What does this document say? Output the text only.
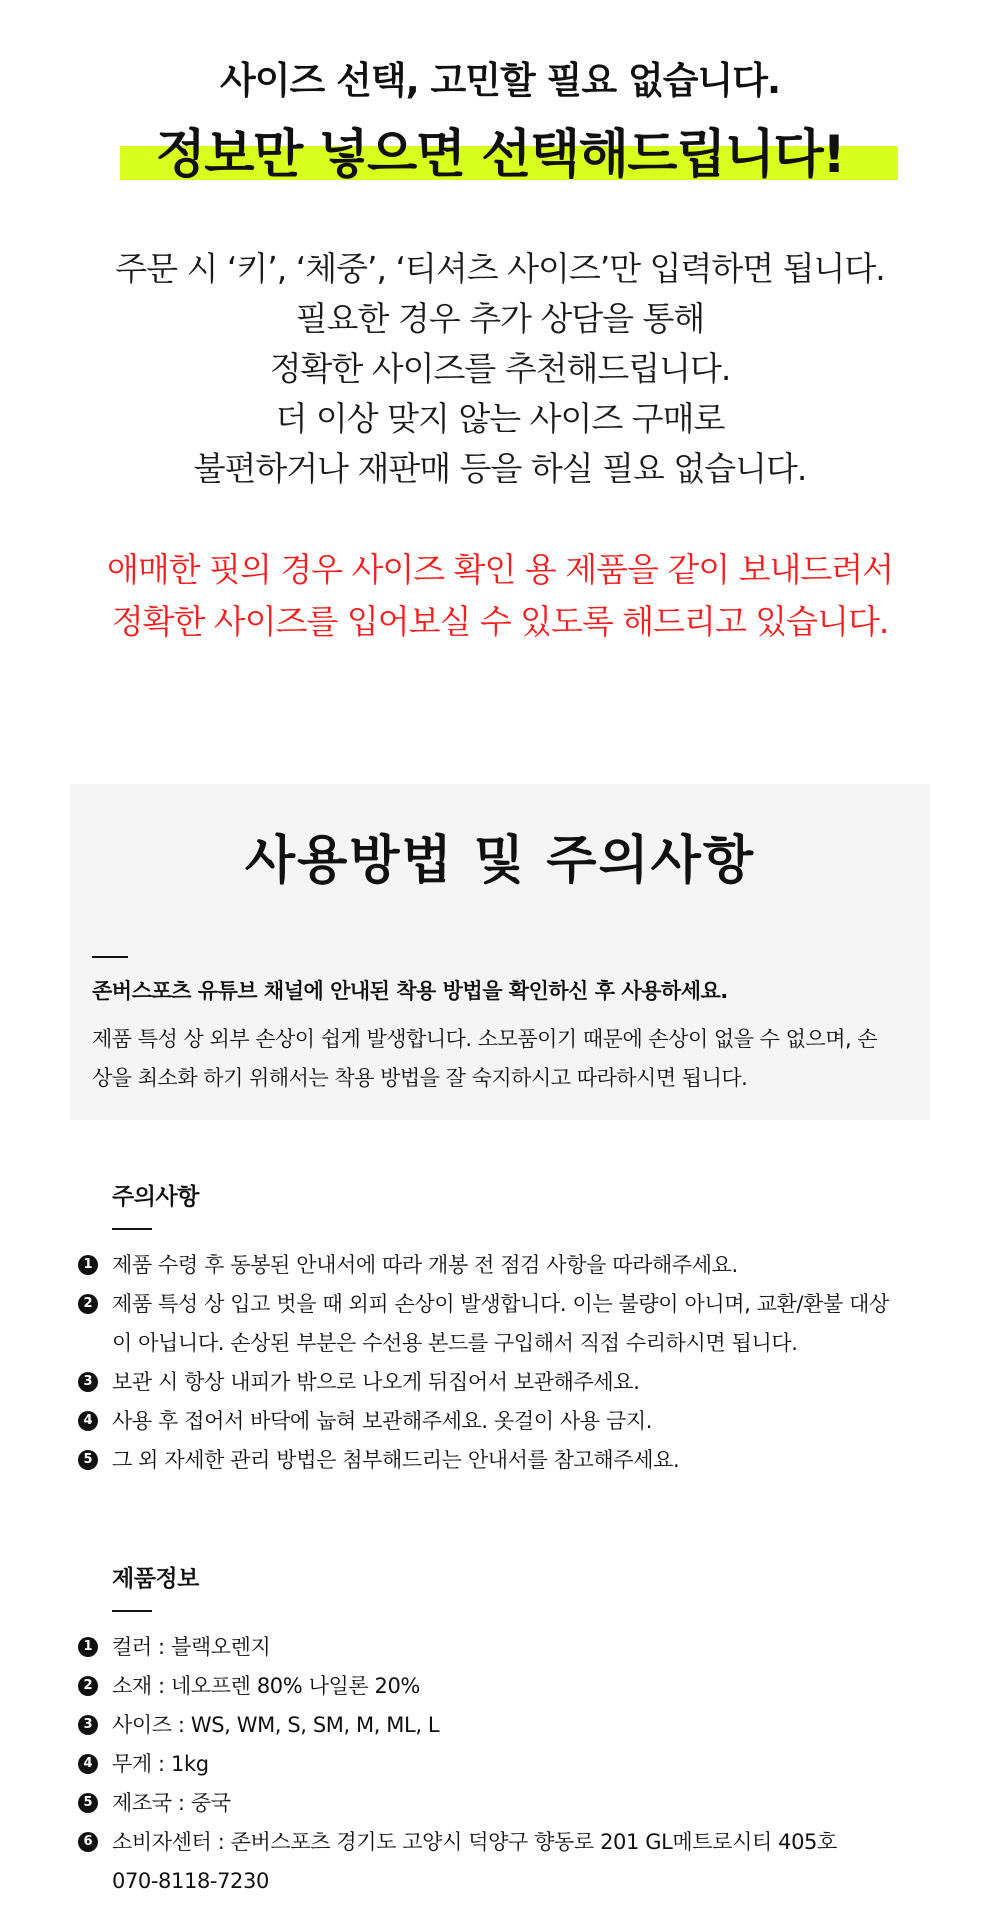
사이즈 선택, 고민할 필요 없습니다.
정보만 넣으면 선택해드립니다!
주문 시 ‘키’, ‘체중’, ‘티셔츠 사이즈’만 입력하면 됩니다.
필요한 경우 추가 상담을 통해
정확한 사이즈를 추천해드립니다.
더 이상 맞지 않는 사이즈 구매로
불편하거나 재판매 등을 하실 필요 없습니다.
애매한 핏의 경우 사이즈 확인 용 제품을 같이 보내드려서
정확한 사이즈를 입어보실 수 있도록 해드리고 있습니다.
사용방법 및 주의사항
존버스포츠 유튜브 채널에 안내된 착용 방법을 확인하신 후 사용하세요.
제품 특성 상 외부 손상이 쉽게 발생합니다. 소모품이기 때문에 손상이 없을 수 없으며, 손
상을 최소화 하기 위해서는 착용 방법을 잘 숙지하시고 따라하시면 됩니다.
주의사항
1 제품 수령 후 동봉된 안내서에 따라 개봉 전 점검 사항을 따라해주세요.
2 제품 특성 상 입고 벗을 때 외피 손상이 발생합니다. 이는 불량이 아니며, 교환/환불 대상
이 아닙니다. 손상된 부분은 수선용 본드를 구입해서 직접 수리하시면 됩니다.
3 보관 시 항상 내피가 밖으로 나오게 뒤집어서 보관해주세요.
4 사용 후 접어서 바닥에 눕혀 보관해주세요. 옷걸이 사용 금지.
5 그 외 자세한 관리 방법은 첨부해드리는 안내서를 참고해주세요.
제품정보
1 컬러 : 블랙오렌지
2 소재 : 네오프렌 80% 나일론 20%
3 사이즈 : WS, WM, S, SM, M, ML, L
4 무게 : 1kg
5 제조국 : 중국
6 소비자센터 : 존버스포츠 경기도 고양시 덕양구 향동로 201 GL메트로시티 405호
070-8118-7230
